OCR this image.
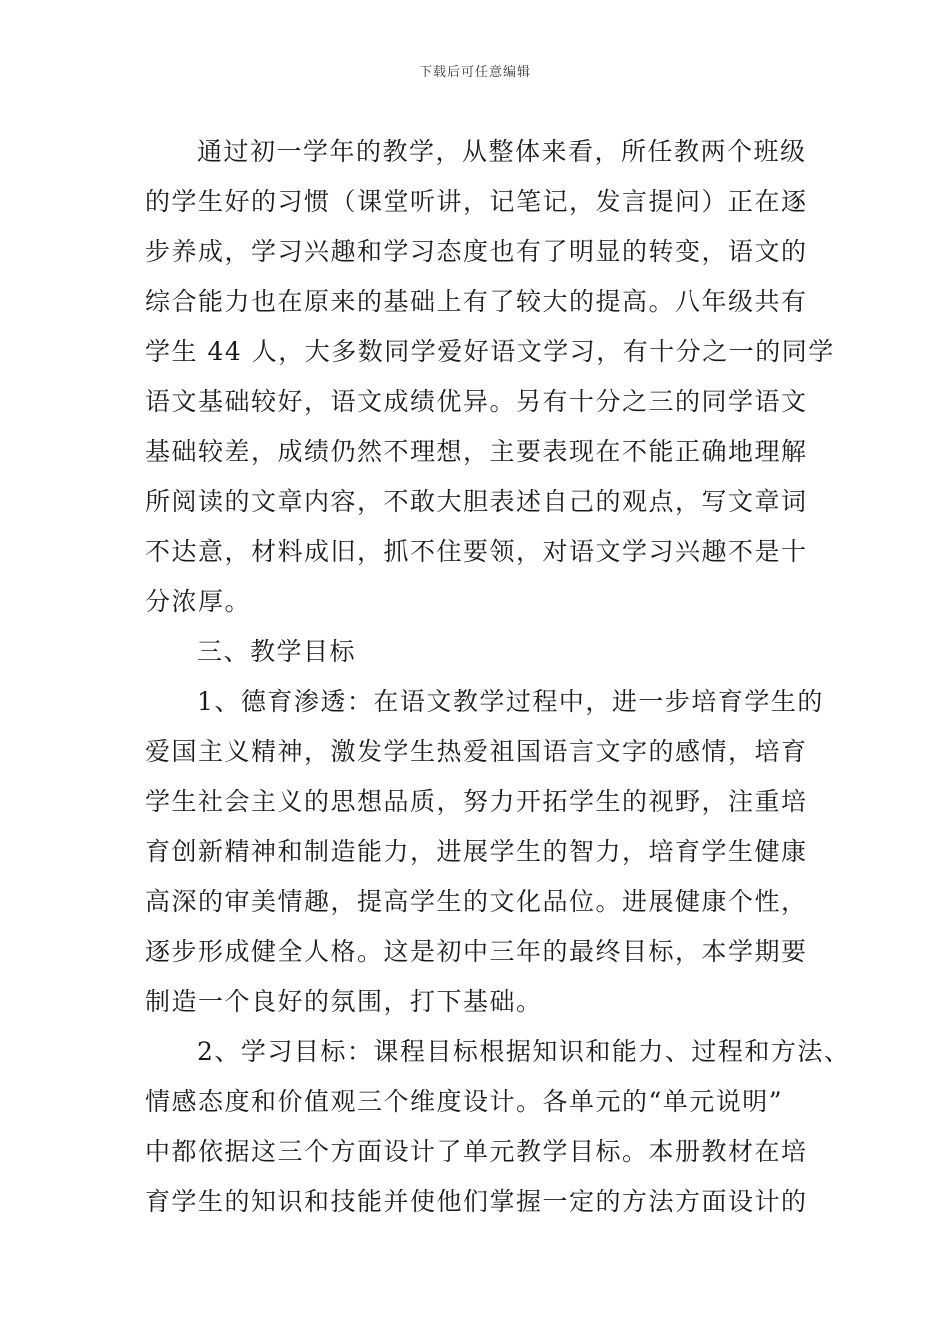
下载后可任意编辑
通过初一学年的教学，从整体来看，所任教两个班级
的学生好的习惯（课堂听讲，记笔记，发言提问）正在逐
步养成，学习兴趣和学习态度也有了明显的转变，语文的
综合能力也在原来的基础上有了较大的提高。八年级共有
学生 44 人，大多数同学爱好语文学习，有十分之一的同学
语文基础较好，语文成绩优异。另有十分之三的同学语文
基础较差，成绩仍然不理想，主要表现在不能正确地理解
所阅读的文章内容，不敢大胆表述自己的观点，写文章词
不达意，材料成旧，抓不住要领，对语文学习兴趣不是十
分浓厚。
三、教学目标
1、德育渗透：在语文教学过程中，进一步培育学生的
爱国主义精神，激发学生热爱祖国语言文字的感情，培育
学生社会主义的思想品质，努力开拓学生的视野，注重培
育创新精神和制造能力，进展学生的智力，培育学生健康
高深的审美情趣，提高学生的文化品位。进展健康个性，
逐步形成健全人格。这是初中三年的最终目标，本学期要
制造一个良好的氛围，打下基础。
2、学习目标：课程目标根据知识和能力、过程和方法、
情感态度和价值观三个维度设计。各单元的“单元说明”
中都依据这三个方面设计了单元教学目标。本册教材在培
育学生的知识和技能并使他们掌握一定的方法方面设计的
